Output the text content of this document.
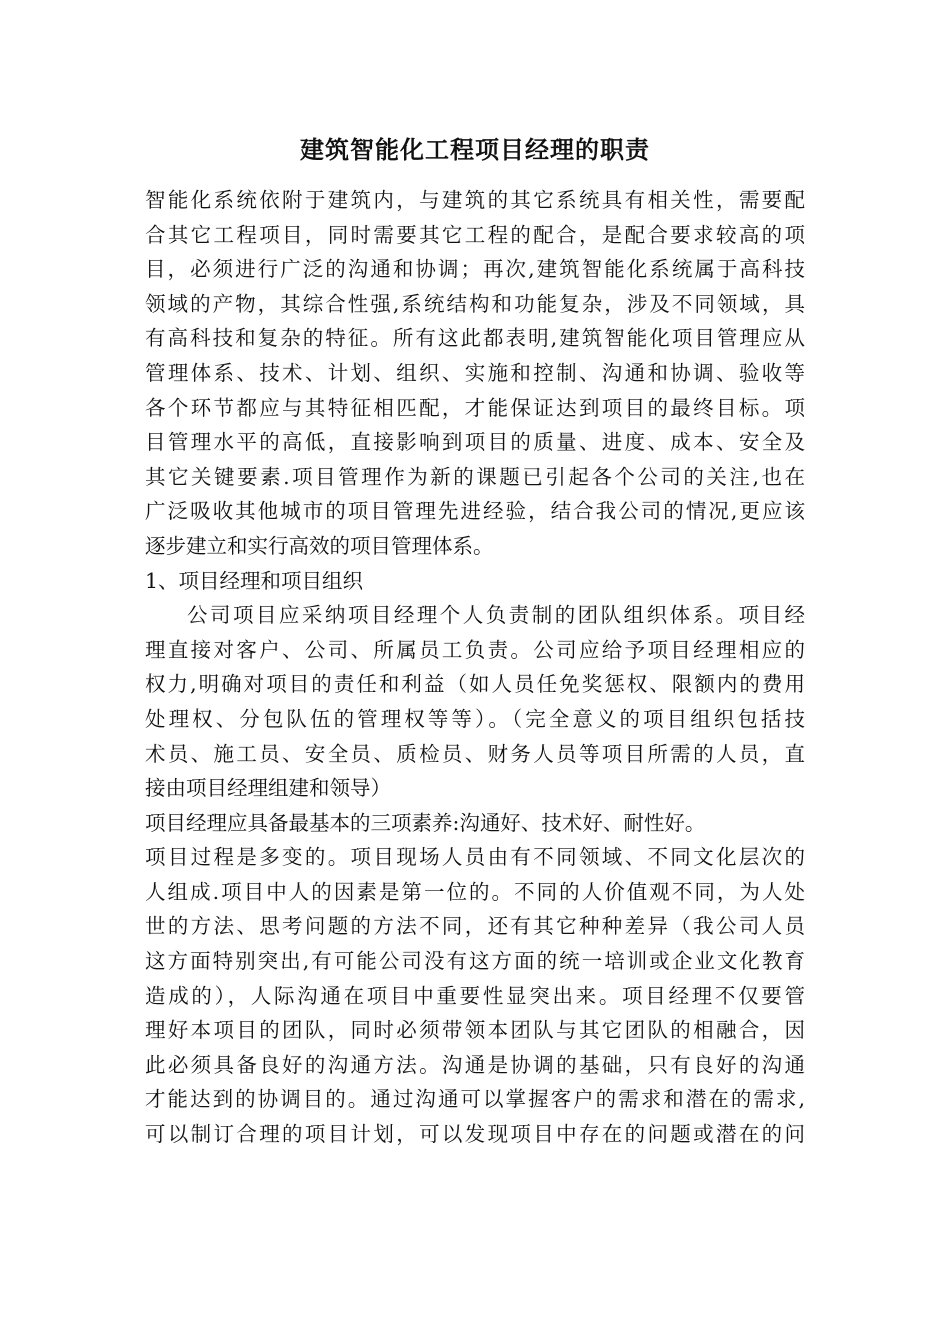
建筑智能化工程项目经理的职责
智能化系统依附于建筑内，与建筑的其它系统具有相关性，需要配
合其它工程项目，同时需要其它工程的配合，是配合要求较高的项
目，必须进行广泛的沟通和协调；再次,建筑智能化系统属于高科技
领域的产物，其综合性强,系统结构和功能复杂，涉及不同领域，具
有高科技和复杂的特征。所有这此都表明,建筑智能化项目管理应从
管理体系、技术、计划、组织、实施和控制、沟通和协调、验收等
各个环节都应与其特征相匹配，才能保证达到项目的最终目标。项
目管理水平的高低，直接影响到项目的质量、进度、成本、安全及
其它关键要素.项目管理作为新的课题已引起各个公司的关注,也在
广泛吸收其他城市的项目管理先进经验，结合我公司的情况,更应该
逐步建立和实行高效的项目管理体系。
1、项目经理和项目组织
公司项目应采纳项目经理个人负责制的团队组织体系。项目经
理直接对客户、公司、所属员工负责。公司应给予项目经理相应的
权力,明确对项目的责任和利益（如人员任免奖惩权、限额内的费用
处理权、分包队伍的管理权等等）。（完全意义的项目组织包括技
术员、施工员、安全员、质检员、财务人员等项目所需的人员，直
接由项目经理组建和领导）
项目经理应具备最基本的三项素养:沟通好、技术好、耐性好。
项目过程是多变的。项目现场人员由有不同领域、不同文化层次的
人组成.项目中人的因素是第一位的。不同的人价值观不同，为人处
世的方法、思考问题的方法不同，还有其它种种差异（我公司人员
这方面特别突出,有可能公司没有这方面的统一培训或企业文化教育
造成的），人际沟通在项目中重要性显突出来。项目经理不仅要管
理好本项目的团队，同时必须带领本团队与其它团队的相融合，因
此必须具备良好的沟通方法。沟通是协调的基础，只有良好的沟通
才能达到的协调目的。通过沟通可以掌握客户的需求和潜在的需求,
可以制订合理的项目计划，可以发现项目中存在的问题或潜在的问
